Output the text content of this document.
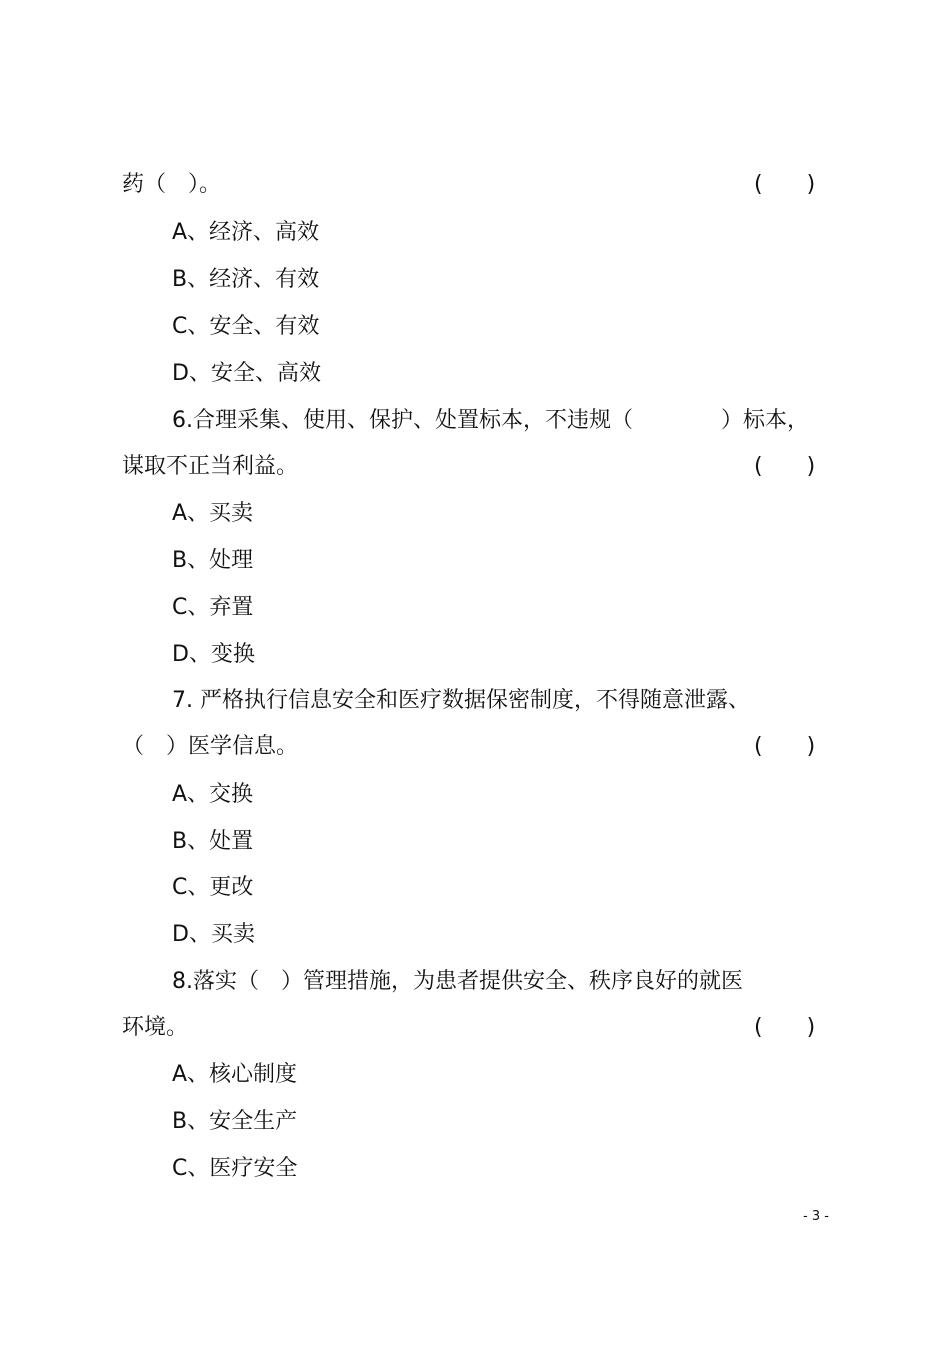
药（　）。	(　　)
A、经济、高效
B、经济、有效
C、安全、有效
D、安全、高效
6.合理采集、使用、保护、处置标本，不违规（　　　　）标本，
谋取不正当利益。	(　　)
A、买卖
B、处理
C、弃置
D、变换
7. 严格执行信息安全和医疗数据保密制度，不得随意泄露、
（　）医学信息。	(　　)
A、交换
B、处置
C、更改
D、买卖
8.落实（　）管理措施，为患者提供安全、秩序良好的就医
环境。	(　　)
A、核心制度
B、安全生产
C、医疗安全
- 3 -
